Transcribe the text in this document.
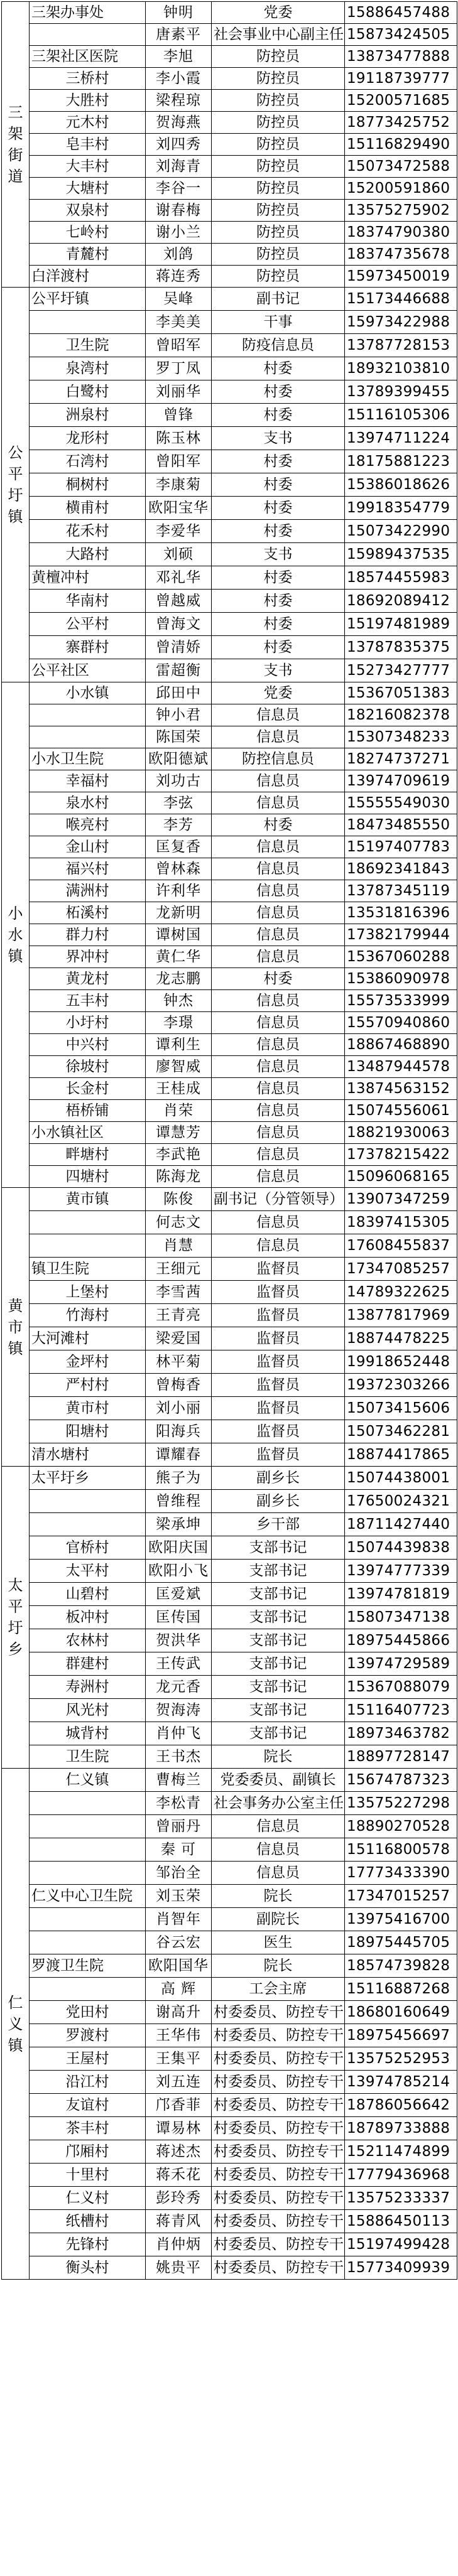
三架街道	三架办事处	钟明	党委	15886457488
		唐素平	社会事业中心副主任	15873424505
	三架社区医院	李旭	防控员	13873477888
	三桥村	李小霞	防控员	19118739777
	大胜村	梁程琼	防控员	15200571685
	元木村	贺海燕	防控员	18773425752
	皂丰村	刘四秀	防控员	15116829490
	大丰村	刘海青	防控员	15073472588
	大塘村	李谷一	防控员	15200591860
	双泉村	谢春梅	防控员	13575275902
	七岭村	谢小兰	防控员	18374790380
	青麓村	刘鸽	防控员	18374735678
	白洋渡村	蒋连秀	防控员	15973450019
公平圩镇	公平圩镇	吴峰	副书记	15173446688
		李美美	干事	15973422988
	卫生院	曾昭军	防疫信息员	13787728153
	泉湾村	罗丁凤	村委	18932103810
	白鹭村	刘丽华	村委	13789399455
	洲泉村	曾锋	村委	15116105306
	龙形村	陈玉林	支书	13974711224
	石湾村	曾阳军	村委	18175881223
	桐树村	李康菊	村委	15386018626
	横甫村	欧阳宝华	村委	19918354779
	花禾村	李爱华	村委	15073422990
	大路村	刘硕	支书	15989437535
	黄檀冲村	邓礼华	村委	18574455983
	华南村	曾越威	村委	18692089412
	公平村	曾海文	村委	15197481989
	寨群村	曾清娇	村委	13787835375
	公平社区	雷超衡	支书	15273427777
小水镇	小水镇	邱田中	党委	15367051383
		钟小君	信息员	18216082378
		陈国荣	信息员	15307348233
	小水卫生院	欧阳德斌	防控信息员	18274737271
	幸福村	刘功古	信息员	13974709619
	泉水村	李弦	信息员	15555549030
	喉亮村	李芳	村委	18473485550
	金山村	匡复香	信息员	15197407783
	福兴村	曾林森	信息员	18692341843
	满洲村	许利华	信息员	13787345119
	柘溪村	龙新明	信息员	13531816396
	群力村	谭树国	信息员	17382179944
	界冲村	黄仁华	信息员	15367060288
	黄龙村	龙志鹏	村委	15386090978
	五丰村	钟杰	信息员	15573533999
	小圩村	李璟	信息员	15570940860
	中兴村	谭利生	信息员	18867468890
	徐坡村	廖智威	信息员	13487944578
	长金村	王桂成	信息员	13874563152
	梧桥铺	肖荣	信息员	15074556061
	小水镇社区	谭慧芳	信息员	18821930063
	畔塘村	李武艳	信息员	17378215422
	四塘村	陈海龙	信息员	15096068165
黄市镇	黄市镇	陈俊	副书记（分管领导）	13907347259
		何志文	信息员	18397415305
		肖慧	信息员	17608455837
	镇卫生院	王细元	监督员	17347085257
	上堡村	李雪茜	监督员	14789322625
	竹海村	王青亮	监督员	13877817969
	大河滩村	梁爱国	监督员	18874478225
	金坪村	林平菊	监督员	19918652448
	严村村	曾梅香	监督员	19372303266
	黄市村	刘小丽	监督员	15073415606
	阳塘村	阳海兵	监督员	15073462281
	清水塘村	谭耀春	监督员	18874417865
太平圩乡	太平圩乡	熊子为	副乡长	15074438001
		曾维程	副乡长	17650024321
		梁承坤	乡干部	18711427440
	官桥村	欧阳庆国	支部书记	15074439838
	太平村	欧阳小飞	支部书记	13974777339
	山碧村	匡爱斌	支部书记	13974781819
	板冲村	匡传国	支部书记	15807347138
	农林村	贺洪华	支部书记	18975445866
	群建村	王传武	支部书记	13974729589
	寿洲村	龙元香	支部书记	15367088079
	风光村	贺海涛	支部书记	15116407723
	城背村	肖仲飞	支部书记	18973463782
	卫生院	王书杰	院长	18897728147
仁义镇	仁义镇	曹梅兰	党委委员、副镇长	15674787323
		李松青	社会事务办公室主任	13575227298
		曾丽丹	信息员	18890270528
		秦 可	信息员	15116800578
		邹治全	信息员	17773433390
	仁义中心卫生院	刘玉荣	院长	17347015257
		肖智年	副院长	13975416700
		谷云宏	医生	18975445705
	罗渡卫生院	欧阳国华	院长	18574739828
		高 辉	工会主席	15116887268
	党田村	谢高升	村委委员、防控专干	18680160649
	罗渡村	王华伟	村委委员、防控专干	18975456697
	王屋村	王集平	村委委员、防控专干	13575252953
	沿江村	刘五连	村委委员、防控专干	13974785214
	友谊村	邝香菲	村委委员、防控专干	18786056642
	茶丰村	谭易林	村委委员、防控专干	18789733888
	邝厢村	蒋述杰	村委委员、防控专干	15211474899
	十里村	蒋禾花	村委委员、防控专干	17779436968
	仁义村	彭玲秀	村委委员、防控专干	13575233337
	纸槽村	蒋青风	村委委员、防控专干	15886450113
	先锋村	肖仲炳	村委委员、防控专干	15197499428
	衡头村	姚贵平	村委委员、防控专干	15773409939
